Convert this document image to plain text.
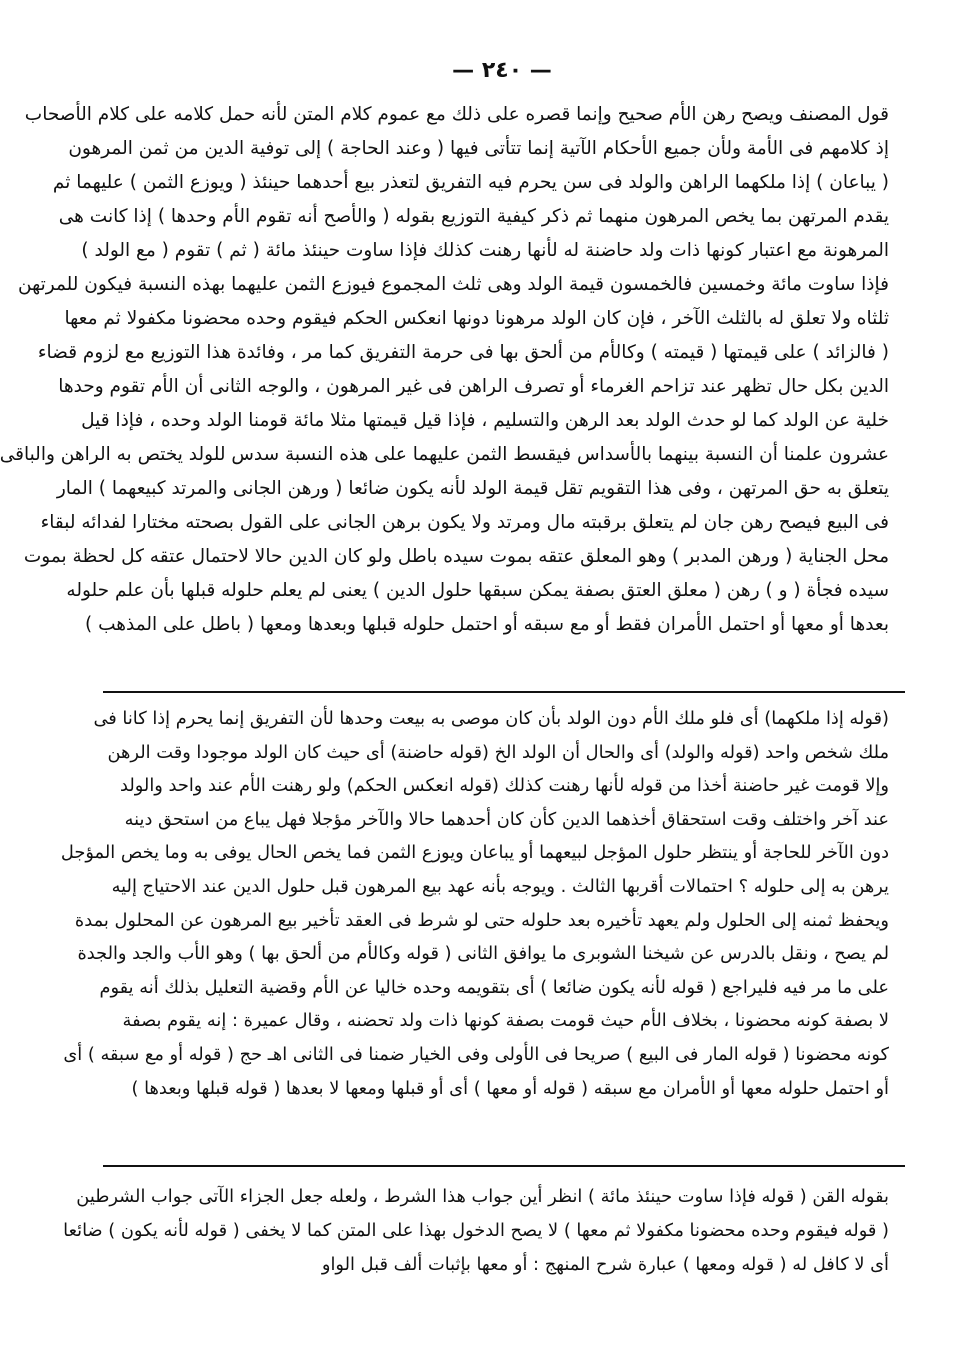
— ٢٤٠ —
قول المصنف ويصح رهن الأم صحيح وإنما قصره على ذلك مع عموم كلام المتن لأنه حمل كلامه على كلام الأصحاب
إذ كلامهم فى الأمة ولأن جميع الأحكام الآتية إنما تتأتى فيها ( وعند الحاجة ) إلى توفية الدين من ثمن المرهون
( يباعان ) إذا ملكهما الراهن والولد فى سن يحرم فيه التفريق لتعذر بيع أحدهما حينئذ ( ويوزع الثمن ) عليهما ثم
يقدم المرتهن بما يخص المرهون منهما ثم ذكر كيفية التوزيع بقوله ( والأصح أنه تقوم الأم وحدها ) إذا كانت هى
المرهونة مع اعتبار كونها ذات ولد حاضنة له لأنها رهنت كذلك فإذا ساوت حينئذ مائة ( ثم ) تقوم ( مع الولد )
فإذا ساوت مائة وخمسين فالخمسون قيمة الولد وهى ثلث المجموع فيوزع الثمن عليهما بهذه النسبة فيكون للمرتهن
ثلثاه ولا تعلق له بالثلث الآخر ، فإن كان الولد مرهونا دونها انعكس الحكم فيقوم وحده محضونا مكفولا ثم معها
( فالزائد ) على قيمتها ( قيمته ) وكالأم من ألحق بها فى حرمة التفريق كما مر ، وفائدة هذا التوزيع مع لزوم قضاء
الدين بكل حال تظهر عند تزاحم الغرماء أو تصرف الراهن فى غير المرهون ، والوجه الثانى أن الأم تقوم وحدها
خلية عن الولد كما لو حدث الولد بعد الرهن والتسليم ، فإذا قيل قيمتها مثلا مائة قومنا الولد وحده ، فإذا قيل
عشرون علمنا أن النسبة بينهما بالأسداس فيقسط الثمن عليهما على هذه النسبة سدس للولد يختص به الراهن والباقى
يتعلق به حق المرتهن ، وفى هذا التقويم تقل قيمة الولد لأنه يكون ضائعا ( ورهن الجانى والمرتد كبيعهما ) المار
فى البيع فيصح رهن جان لم يتعلق برقبته مال ومرتد ولا يكون برهن الجانى على القول بصحته مختارا لفدائه لبقاء
محل الجناية ( ورهن المدبر ) وهو المعلق عتقه بموت سيده باطل ولو كان الدين حالا لاحتمال عتقه كل لحظة بموت
سيده فجأة ( و ) رهن ( معلق العتق بصفة يمكن سبقها حلول الدين ) يعنى لم يعلم حلوله قبلها بأن علم حلوله
بعدها أو معها أو احتمل الأمران فقط أو مع سبقه أو احتمل حلوله قبلها وبعدها ومعها ( باطل على المذهب )
(قوله إذا ملكهما) أى فلو ملك الأم دون الولد بأن كان موصى به بيعت وحدها لأن التفريق إنما يحرم إذا كانا فى
ملك شخص واحد (قوله والولد) أى والحال أن الولد الخ (قوله حاضنة) أى حيث كان الولد موجودا وقت الرهن
وإلا قومت غير حاضنة أخذا من قوله لأنها رهنت كذلك (قوله انعكس الحكم) ولو رهنت الأم عند واحد والولد
عند آخر واختلف وقت استحقاق أخذهما الدين كأن كان أحدهما حالا والآخر مؤجلا فهل يباع من استحق دينه
دون الآخر للحاجة أو ينتظر حلول المؤجل لبيعهما أو يباعان ويوزع الثمن فما يخص الحال يوفى به وما يخص المؤجل
يرهن به إلى حلوله ؟ احتمالات أقربها الثالث . ويوجه بأنه عهد بيع المرهون قبل حلول الدين عند الاحتياج إليه
ويحفظ ثمنه إلى الحلول ولم يعهد تأخيره بعد حلوله حتى لو شرط فى العقد تأخير بيع المرهون عن المحلول بمدة
لم يصح ، ونقل بالدرس عن شيخنا الشوبرى ما يوافق الثانى ( قوله وكالأم من ألحق بها ) وهو الأب والجد والجدة
على ما مر فيه فليراجع ( قوله لأنه يكون ضائعا ) أى بتقويمه وحده خاليا عن الأم وقضية التعليل بذلك أنه يقوم
لا بصفة كونه محضونا ، بخلاف الأم حيث قومت بصفة كونها ذات ولد تحضنه ، وقال عميرة : إنه يقوم بصفة
كونه محضونا ( قوله المار فى البيع ) صريحا فى الأولى وفى الخيار ضمنا فى الثانى اهـ حج ( قوله أو مع سبقه ) أى
أو احتمل حلوله معها أو الأمران مع سبقه ( قوله أو معها ) أى أو قبلها ومعها لا بعدها ( قوله قبلها وبعدها )
بقوله القن ( قوله فإذا ساوت حينئذ مائة ) انظر أين جواب هذا الشرط ، ولعله جعل الجزاء الآتى جواب الشرطين
( قوله فيقوم وحده محضونا مكفولا ثم معها ) لا يصح الدخول بهذا على المتن كما لا يخفى ( قوله لأنه يكون ) ضائعا
أى لا كافل له ( قوله ومعها ) عبارة شرح المنهج : أو معها بإثبات ألف قبل الواو
